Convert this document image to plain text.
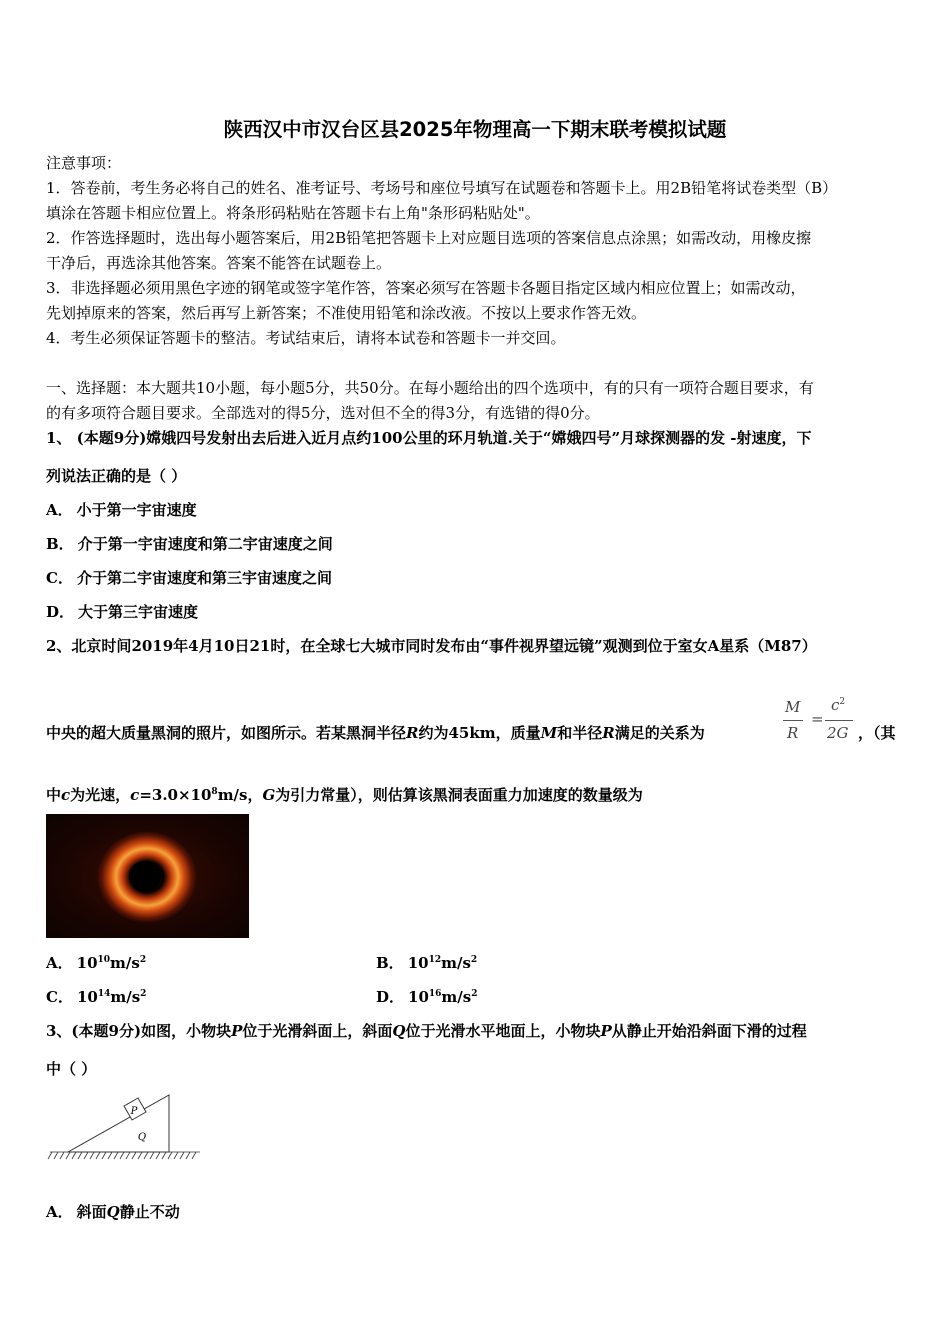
陕西汉中市汉台区县2025年物理高一下期末联考模拟试题
注意事项：
1．答卷前，考生务必将自己的姓名、准考证号、考场号和座位号填写在试题卷和答题卡上。用2B铅笔将试卷类型（B）
填涂在答题卡相应位置上。将条形码粘贴在答题卡右上角"条形码粘贴处"。
2．作答选择题时，选出每小题答案后，用2B铅笔把答题卡上对应题目选项的答案信息点涂黑；如需改动，用橡皮擦
干净后，再选涂其他答案。答案不能答在试题卷上。
3．非选择题必须用黑色字迹的钢笔或签字笔作答，答案必须写在答题卡各题目指定区域内相应位置上；如需改动，
先划掉原来的答案，然后再写上新答案；不准使用铅笔和涂改液。不按以上要求作答无效。
4．考生必须保证答题卡的整洁。考试结束后，请将本试卷和答题卡一并交回。
一、选择题：本大题共10小题，每小题5分，共50分。在每小题给出的四个选项中，有的只有一项符合题目要求，有
的有多项符合题目要求。全部选对的得5分，选对但不全的得3分，有选错的得0分。
1、 (本题9分)嫦娥四号发射出去后进入近月点约100公里的环月轨道.关于“嫦娥四号”月球探测器的发 -射速度，下
列说法正确的是（ ）
A． 小于第一宇宙速度
B． 介于第一宇宙速度和第二宇宙速度之间
C． 介于第二宇宙速度和第三宇宙速度之间
D． 大于第三宇宙速度
2、北京时间2019年4月10日21时，在全球七大城市同时发布由“事件视界望远镜”观测到位于室女A星系（M87）
中央的超大质量黑洞的照片，如图所示。若某黑洞半径R约为45km，质量M和半径R满足的关系为	，（其
M
R
=
$c^2$
2G
中c为光速，$c=3.0\times 10^8m/s$，G为引力常量），则估算该黑洞表面重力加速度的数量级为
A． $10^{10}m/s^2$	B． $10^{12}m/s^2$
C． $10^{14}m/s^2$	D． $10^{16}m/s^2$
3、(本题9分)如图，小物块P位于光滑斜面上，斜面Q位于光滑水平地面上，小物块P从静止开始沿斜面下滑的过程
中（ ）
P
Q
A． 斜面Q静止不动
